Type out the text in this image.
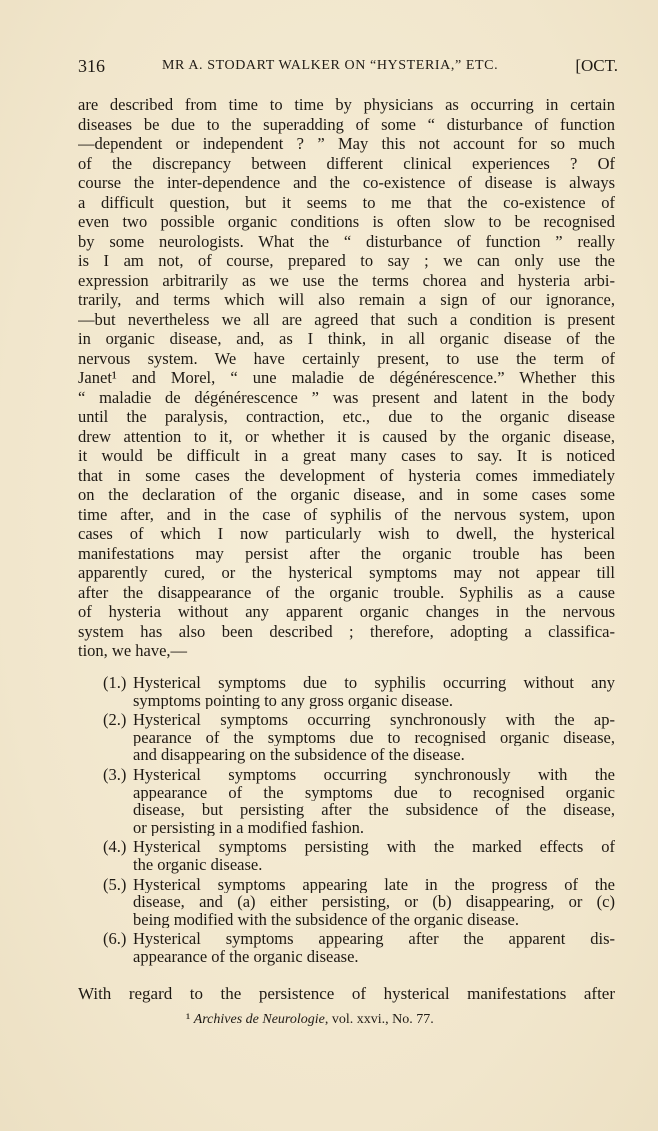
316	MR A. STODART WALKER ON “HYSTERIA,” ETC.	[OCT.
are described from time to time by physicians as occurring in certain
diseases be due to the superadding of some “ disturbance of function
—dependent or independent ? ” May this not account for so much
of the discrepancy between different clinical experiences ? Of
course the inter-dependence and the co-existence of disease is always
a difficult question, but it seems to me that the co-existence of
even two possible organic conditions is often slow to be recognised
by some neurologists. What the “ disturbance of function ” really
is I am not, of course, prepared to say ; we can only use the
expression arbitrarily as we use the terms chorea and hysteria arbi-
trarily, and terms which will also remain a sign of our ignorance,
—but nevertheless we all are agreed that such a condition is present
in organic disease, and, as I think, in all organic disease of the
nervous system. We have certainly present, to use the term of
Janet¹ and Morel, “ une maladie de dégénérescence.” Whether this
“ maladie de dégénérescence ” was present and latent in the body
until the paralysis, contraction, etc., due to the organic disease
drew attention to it, or whether it is caused by the organic disease,
it would be difficult in a great many cases to say. It is noticed
that in some cases the development of hysteria comes immediately
on the declaration of the organic disease, and in some cases some
time after, and in the case of syphilis of the nervous system, upon
cases of which I now particularly wish to dwell, the hysterical
manifestations may persist after the organic trouble has been
apparently cured, or the hysterical symptoms may not appear till
after the disappearance of the organic trouble. Syphilis as a cause
of hysteria without any apparent organic changes in the nervous
system has also been described ; therefore, adopting a classifica-
tion, we have,—
(1.) Hysterical symptoms due to syphilis occurring without any
symptoms pointing to any gross organic disease.
(2.) Hysterical symptoms occurring synchronously with the ap-
pearance of the symptoms due to recognised organic disease,
and disappearing on the subsidence of the disease.
(3.) Hysterical symptoms occurring synchronously with the
appearance of the symptoms due to recognised organic
disease, but persisting after the subsidence of the disease,
or persisting in a modified fashion.
(4.) Hysterical symptoms persisting with the marked effects of
the organic disease.
(5.) Hysterical symptoms appearing late in the progress of the
disease, and (a) either persisting, or (b) disappearing, or (c)
being modified with the subsidence of the organic disease.
(6.) Hysterical symptoms appearing after the apparent dis-
appearance of the organic disease.
With regard to the persistence of hysterical manifestations after
¹ Archives de Neurologie, vol. xxvi., No. 77.
